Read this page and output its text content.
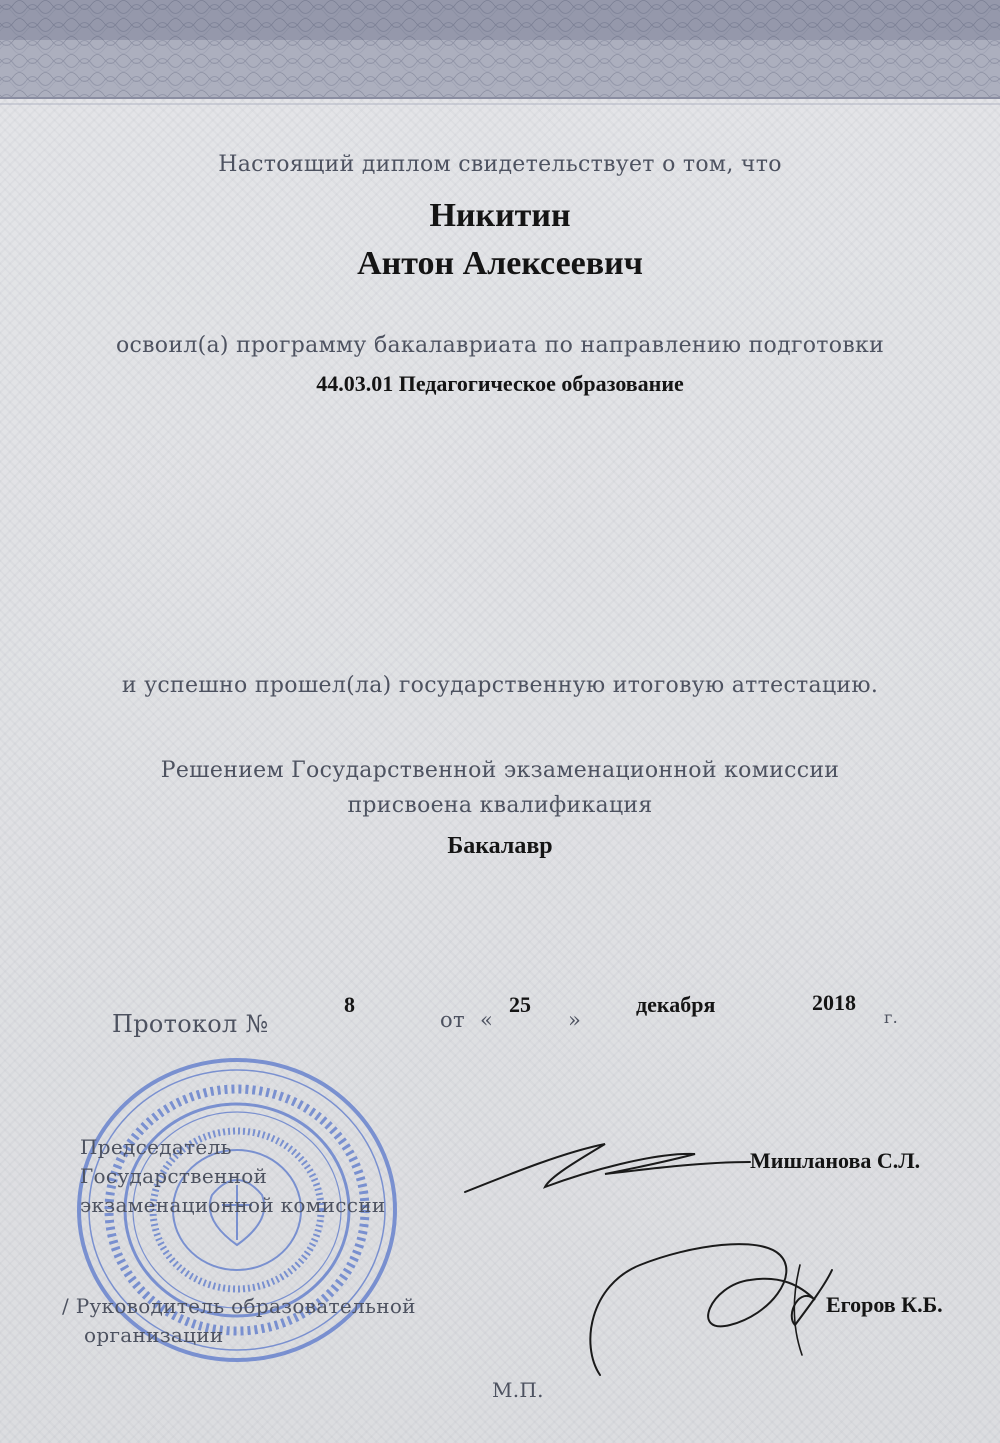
Настоящий диплом свидетельствует о том, что
Никитин
Антон Алексеевич
освоил(а) программу бакалавриата по направлению подготовки
44.03.01 Педагогическое образование
и успешно прошел(ла) государственную итоговую аттестацию.
Решением Государственной экзаменационной комиссии
присвоена квалификация
Бакалавр
Протокол №
8
от «
25
»
декабря	2018
г.
Председатель
Государственной
экзаменационной комиссии
Мишланова С.Л.
/ Руководитель образовательной
организации
Егоров К.Б.
М.П.
